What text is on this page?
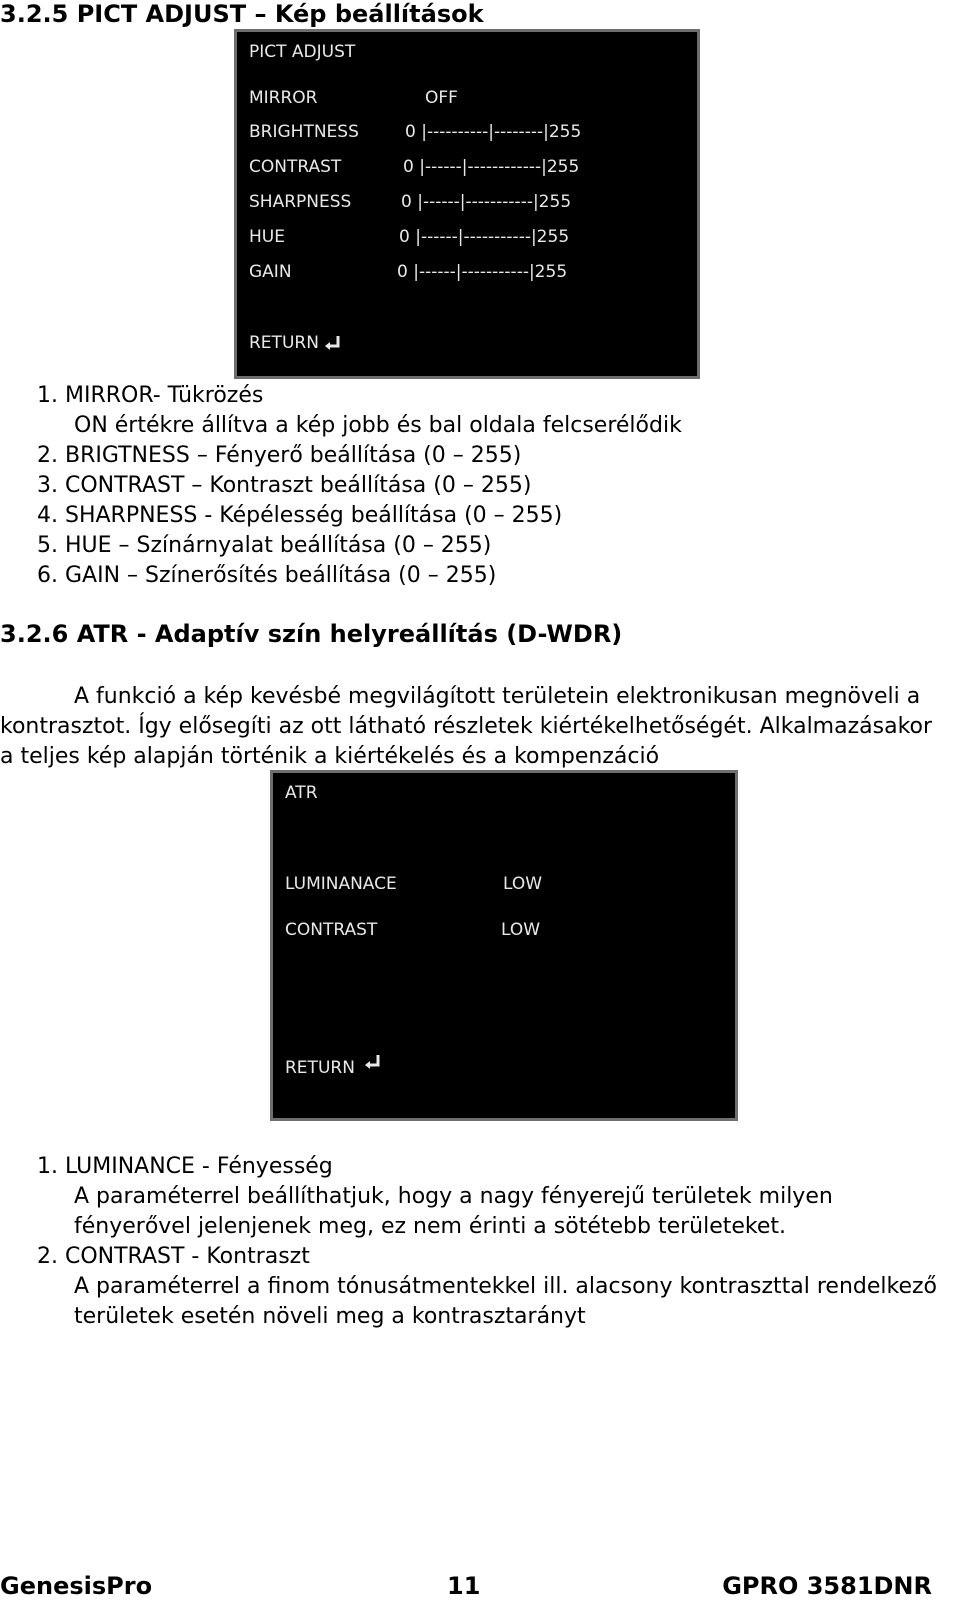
3.2.5 PICT ADJUST – Kép beállítások
PICT ADJUST
MIRROR	OFF
BRIGHTNESS	0 |----------|--------|255
CONTRAST	0 |------|------------|255
SHARPNESS	0 |------|-----------|255
HUE	0 |------|-----------|255
GAIN	0 |------|-----------|255
RETURN
1. MIRROR- Tükrözés
ON értékre állítva a kép jobb és bal oldala felcserélődik
2. BRIGTNESS – Fényerő beállítása (0 – 255)
3. CONTRAST – Kontraszt beállítása (0 – 255)
4. SHARPNESS - Képélesség beállítása (0 – 255)
5. HUE – Színárnyalat beállítása (0 – 255)
6. GAIN – Színerősítés beállítása (0 – 255)
3.2.6 ATR - Adaptív szín helyreállítás (D-WDR)
A funkció a kép kevésbé megvilágított területein elektronikusan megnöveli a
kontrasztot. Így elősegíti az ott látható részletek kiértékelhetőségét. Alkalmazásakor
a teljes kép alapján történik a kiértékelés és a kompenzáció
ATR
LUMINANACE	LOW
CONTRAST	LOW
RETURN
1. LUMINANCE - Fényesség
A paraméterrel beállíthatjuk, hogy a nagy fényerejű területek milyen
fényerővel jelenjenek meg, ez nem érinti a sötétebb területeket.
2. CONTRAST - Kontraszt
A paraméterrel a finom tónusátmentekkel ill. alacsony kontraszttal rendelkező
területek esetén növeli meg a kontrasztarányt
GenesisPro	11	GPRO 3581DNR
